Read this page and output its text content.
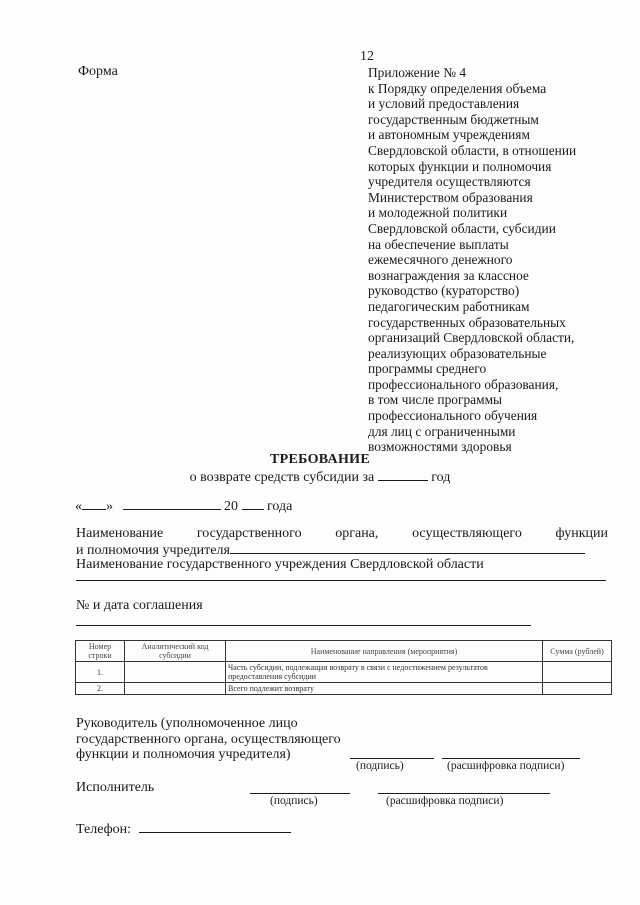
12
Форма	Приложение № 4
к Порядку определения объема
и условий предоставления
государственным бюджетным
и автономным учреждениям
Свердловской области, в отношении
которых функции и полномочия
учредителя осуществляются
Министерством образования
и молодежной политики
Свердловской области, субсидии
на обеспечение выплаты
ежемесячного денежного
вознаграждения за классное
руководство (кураторство)
педагогическим работникам
государственных образовательных
организаций Свердловской области,
реализующих образовательные
программы среднего
профессионального образования,
в том числе программы
профессионального обучения
для лиц с ограниченными
возможностями здоровья
ТРЕБОВАНИЕ
о возврате средств субсидии за	год
« »	20 года
Наименование государственного органа, осуществляющего функции
и полномочия учредителя
Наименование государственного учреждения Свердловской области
№ и дата соглашения
Номер строки	Аналитический код субсидии	Наименование направления (мероприятия)	Сумма (рублей)
1.		Часть субсидии, подлежащая возврату в связи с недостижением результатов предоставления субсидии	
2.		Всего подлежит возврату	
Руководитель (уполномоченное лицо
государственного органа, осуществляющего
функции и полномочия учредителя)
(подпись)	(расшифровка подписи)
Исполнитель
(подпись)	(расшифровка подписи)
Телефон:
